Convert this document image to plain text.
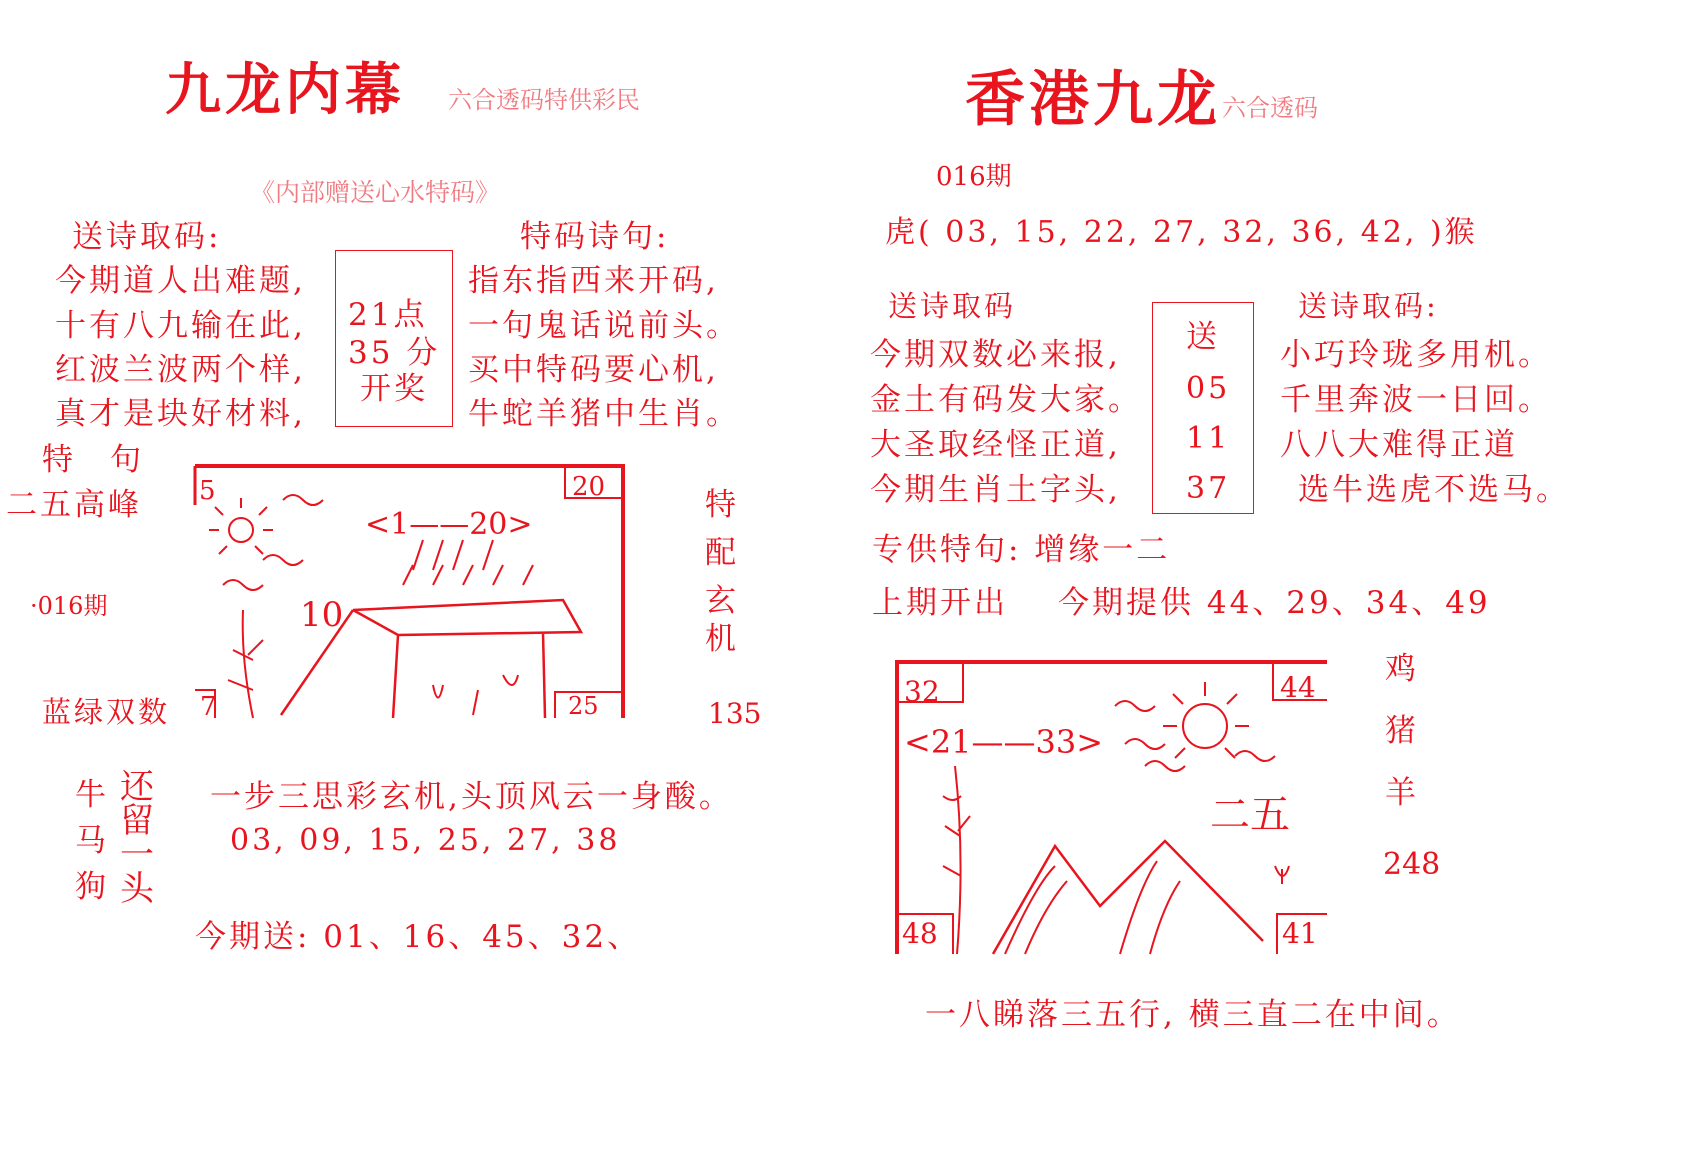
九龙内幕 六合透码特供彩民
《内部赠送心水特码》
送诗取码:
今期道人出难题,
十有八九输在此,
红波兰波两个样,
真才是块好材料,
21点
35 分
开奖
特码诗句:
指东指西来开码,
一句鬼话说前头。
买中特码要心机,
牛蛇羊猪中生肖。
特　句
二五高峰
·016期
蓝绿双数
5	20
7	25
<1——20>
10
特
配
玄
机
135
牛
马
狗
还
留
一
头
一步三思彩玄机,头顶风云一身酸。
03, 09, 15, 25, 27, 38
今期送: 01、16、45、32、
香港九龙 六合透码
016期
虎( 03, 15, 22, 27, 32, 36, 42, )猴
送诗取码
今期双数必来报,
金土有码发大家。
大圣取经怪正道,
今期生肖土字头,
送
05
11
37
送诗取码:
小巧玲珑多用机。
千里奔波一日回。
八八大难得正道
选牛选虎不选马。
专供特句: 增缘一二
上期开出 今期提供 44、29、34、49
32	44
48	41
<21——33>
二五
鸡
猪
羊
248
一八睇落三五行, 横三直二在中间。
